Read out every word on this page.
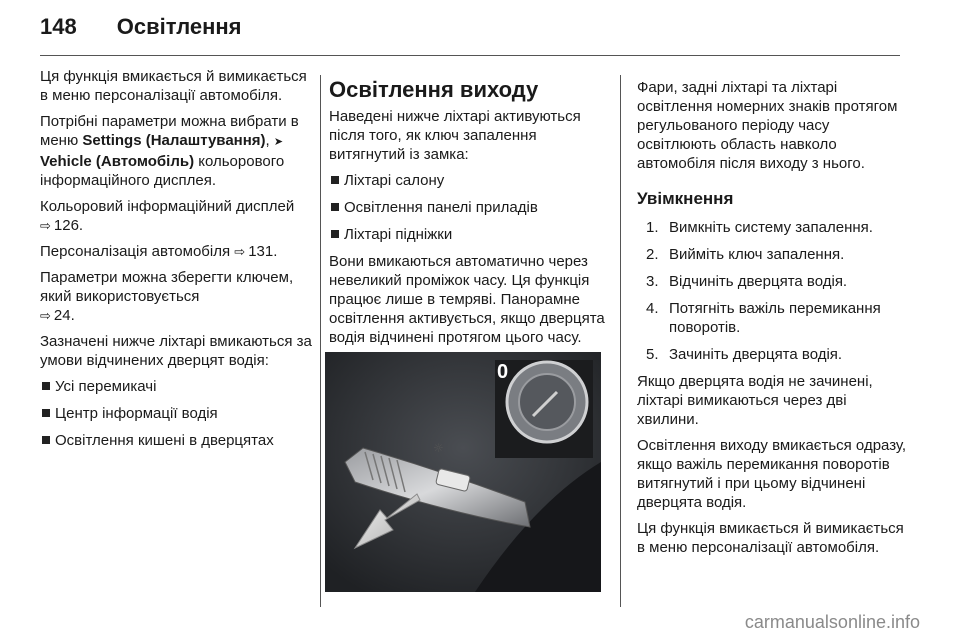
148 Освітлення

Ця функція вмикається й вимикається в меню персоналізації автомобіля.

Потрібні параметри можна вибрати в меню Settings (Налаштування), ➤ Vehicle (Автомобіль) кольорового інформаційного дисплея.

Кольоровий інформаційний дисплей ⇨ 126.

Персоналізація автомобіля ⇨ 131.

Параметри можна зберегти ключем, який використовується
⇨ 24.

Зазначені нижче ліхтарі вмикаються за умови відчинених дверцят водія:

Усі перемикачі
Центр інформації водія
Освітлення кишені в дверцятах
Освітлення виходу

Наведені нижче ліхтарі активуються після того, як ключ запалення витягнутий із замка:

Ліхтарі салону
Освітлення панелі приладів
Ліхтарі підніжки

Вони вмикаються автоматично через невеликий проміжок часу. Ця функція працює лише в темряві. Панорамне освітлення активується, якщо дверцята водія відчинені протягом цього часу.

☼
0

Фари, задні ліхтарі та ліхтарі освітлення номерних знаків протягом регульованого періоду часу освітлюють область навколо автомобіля після виходу з нього.

Увімкнення
1. Вимкніть систему запалення.
2. Вийміть ключ запалення.
3. Відчиніть дверцята водія.
4. Потягніть важіль перемикання поворотів.
5. Зачиніть дверцята водія.

Якщо дверцята водія не зачинені, ліхтарі вимикаються через дві хвилини.

Освітлення виходу вмикається одразу, якщо важіль перемикання поворотів витягнутий і при цьому відчинені дверцята водія.

Ця функція вмикається й вимикається в меню персоналізації автомобіля.

carmanualsonline.info
